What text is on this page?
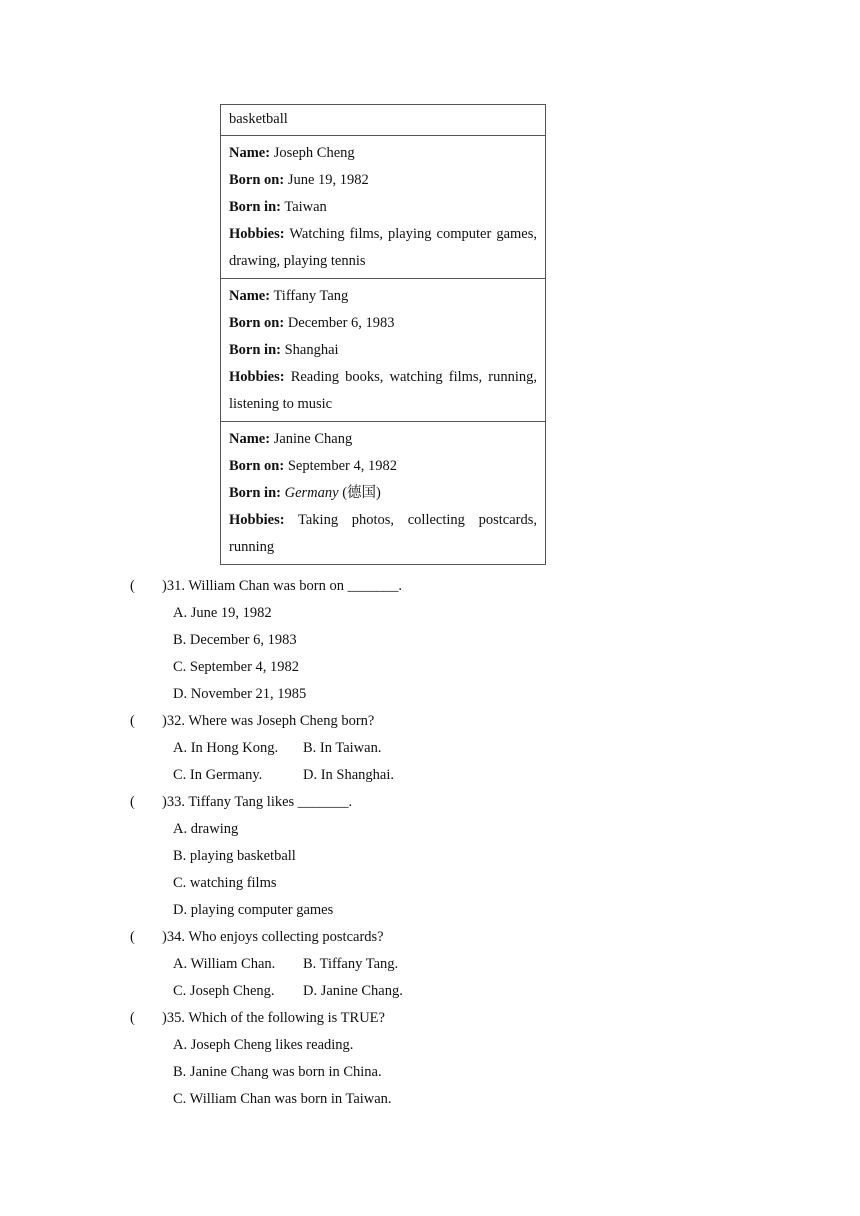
basketball

Name: Joseph Cheng
Born on: June 19, 1982
Born in: Taiwan
Hobbies: Watching films, playing computer games, drawing, playing tennis

Name: Tiffany Tang
Born on: December 6, 1983
Born in: Shanghai
Hobbies: Reading books, watching films, running, listening to music

Name: Janine Chang
Born on: September 4, 1982
Born in: Germany (德国)
Hobbies: Taking photos, collecting postcards, running
( )31. William Chan was born on _______.
A. June 19, 1982
B. December 6, 1983
C. September 4, 1982
D. November 21, 1985
( )32. Where was Joseph Cheng born?
A. In Hong Kong. B. In Taiwan.
C. In Germany.	D. In Shanghai.
( )33. Tiffany Tang likes _______.
A. drawing
B. playing basketball
C. watching films
D. playing computer games
( )34. Who enjoys collecting postcards?
A. William Chan. B. Tiffany Tang.
C. Joseph Cheng. D. Janine Chang.
( )35. Which of the following is TRUE?
A. Joseph Cheng likes reading.
B. Janine Chang was born in China.
C. William Chan was born in Taiwan.
